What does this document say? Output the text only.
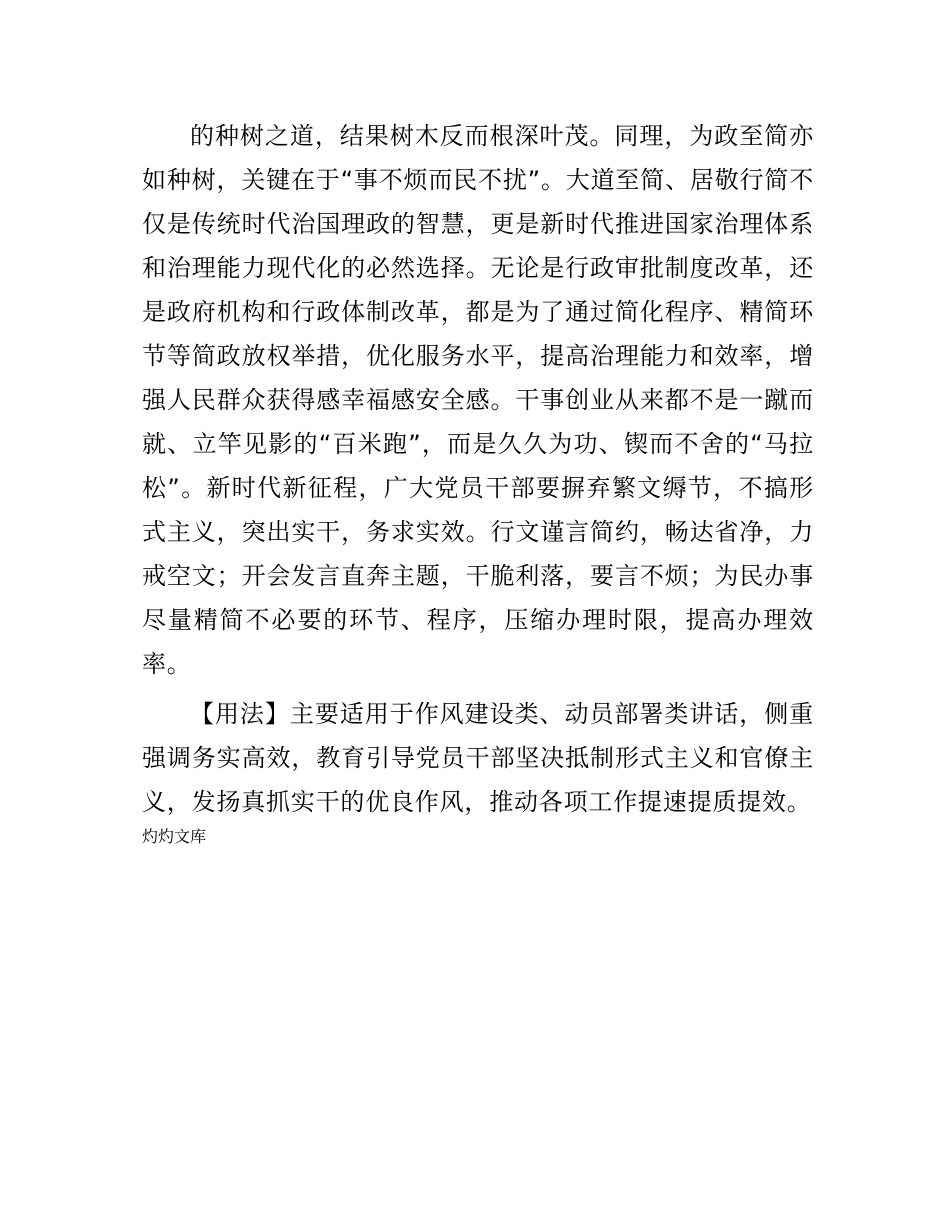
的种树之道，结果树木反而根深叶茂。同理，为政至简亦如种树，关键在于“事不烦而民不扰”。大道至简、居敬行简不仅是传统时代治国理政的智慧，更是新时代推进国家治理体系和治理能力现代化的必然选择。无论是行政审批制度改革，还是政府机构和行政体制改革，都是为了通过简化程序、精简环节等简政放权举措，优化服务水平，提高治理能力和效率，增强人民群众获得感幸福感安全感。干事创业从来都不是一蹴而就、立竿见影的“百米跑”，而是久久为功、锲而不舍的“马拉松”。新时代新征程，广大党员干部要摒弃繁文缛节，不搞形式主义，突出实干，务求实效。行文谨言简约，畅达省净，力戒空文；开会发言直奔主题，干脆利落，要言不烦；为民办事尽量精简不必要的环节、程序，压缩办理时限，提高办理效率。

【用法】主要适用于作风建设类、动员部署类讲话，侧重强调务实高效，教育引导党员干部坚决抵制形式主义和官僚主义，发扬真抓实干的优良作风，推动各项工作提速提质提效。

灼灼文库
